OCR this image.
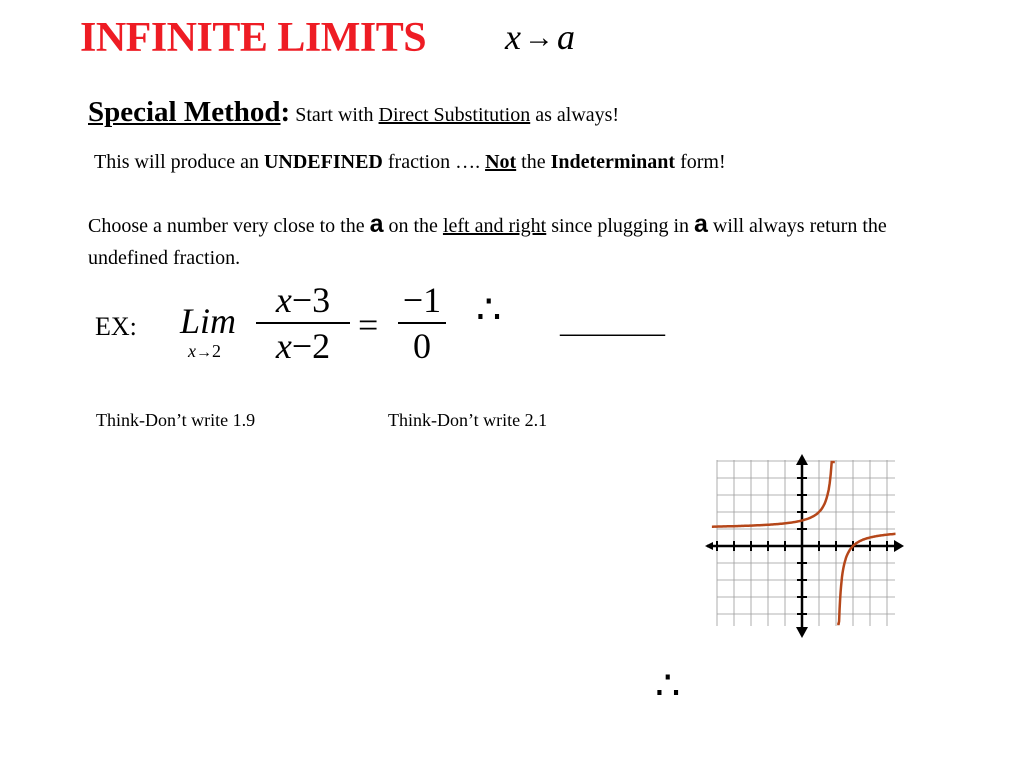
INFINITE LIMITS x →a
Special Method: Start with Direct Substitution as always!
This will produce an UNDEFINED fraction …. Not the Indeterminant form!
Choose a number very close to the a on the left and right since plugging in a will always return the undefined fraction.
EX: Lim
x→2
x−3
x−2
=
−1
0
∴ _______
Think-Don’t write 1.9	Think-Don’t write 2.1
∴
